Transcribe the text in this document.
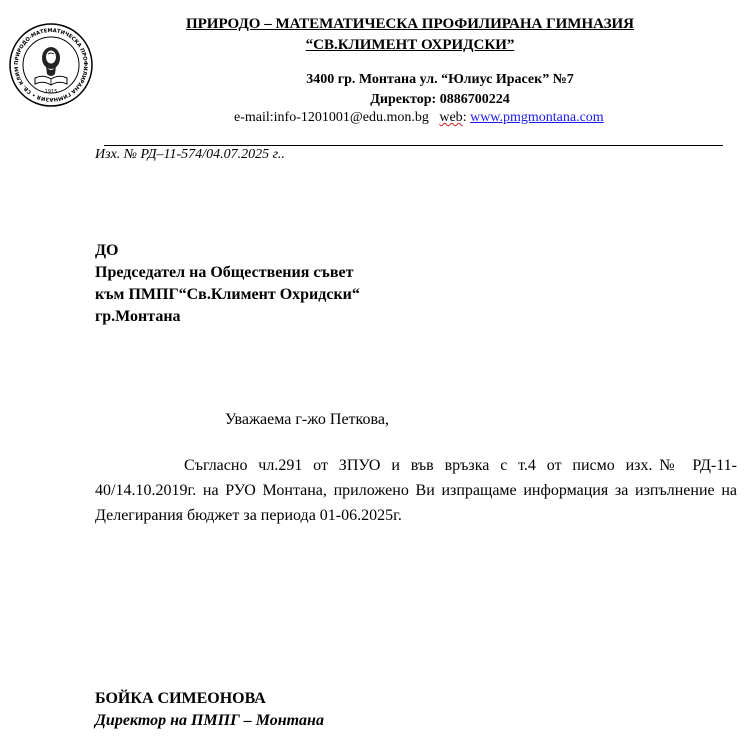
ПРИРОДО-МАТЕМАТИЧЕСКА ПРОФИЛИРАНА ГИМНАЗИЯ • СВ. КЛИМ
1915
ПРИРОДО – МАТЕМАТИЧЕСКА ПРОФИЛИРАНА ГИМНАЗИЯ
“СВ.КЛИМЕНТ ОХРИДСКИ”
3400 гр. Монтана ул. “Юлиус Ирасек” №7
Директор: 0886700224
e-mail:info-1201001@edu.mon.bg web: www.pmgmontana.com
Изх. № РД–11-574/04.07.2025 г..
ДО
Председател на Обществения съвет
към ПМПГ“Св.Климент Охридски“
гр.Монтана
Уважаема г-жо Петкова,

Съгласно чл.291 от ЗПУО и във връзка с т.4 от писмо изх.№ РД-11-40/14.10.2019г. на РУО Монтана, приложено Ви изпращаме информация за изпълнение на Делегирания бюджет за периода 01-06.2025г.

БОЙКА СИМЕОНОВА
Директор на ПМПГ – Монтана
